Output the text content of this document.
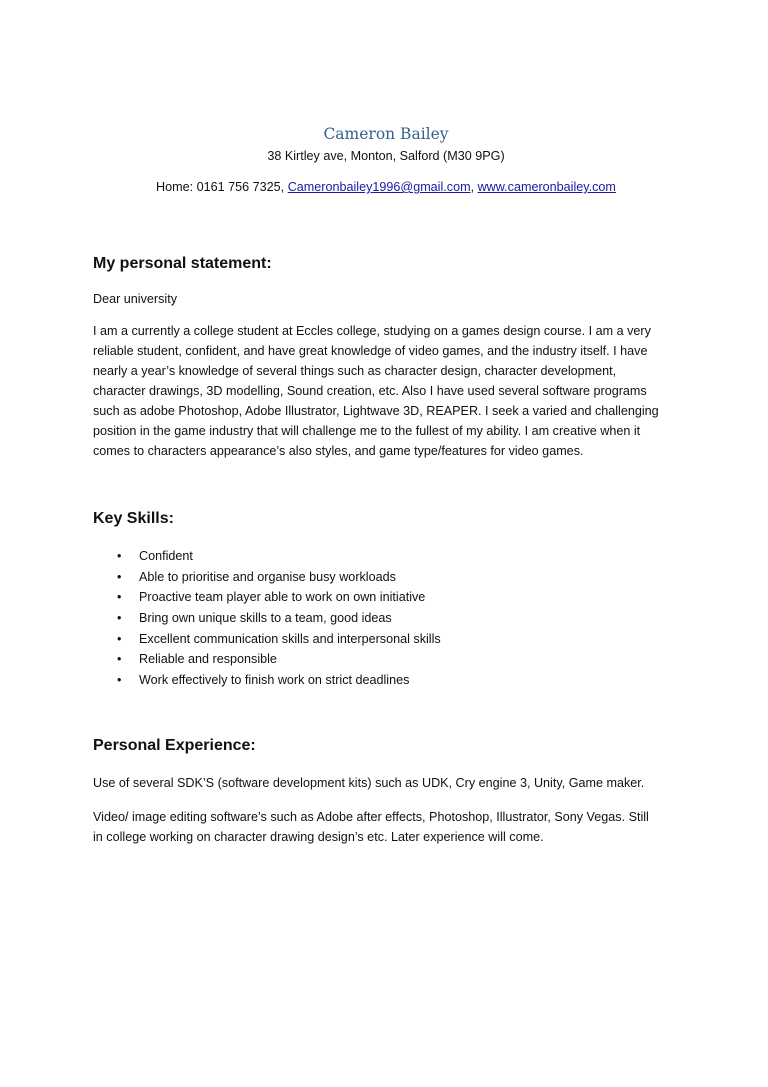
Cameron Bailey
38 Kirtley ave, Monton, Salford (M30 9PG)
Home: 0161 756 7325, Cameronbailey1996@gmail.com, www.cameronbailey.com
My personal statement:
Dear university
I am a currently a college student at Eccles college, studying on a games design course. I am a very
reliable student, confident, and have great knowledge of video games, and the industry itself. I have
nearly a year’s knowledge of several things such as character design, character development,
character drawings, 3D modelling, Sound creation, etc. Also I have used several software programs
such as adobe Photoshop, Adobe Illustrator, Lightwave 3D, REAPER. I seek a varied and challenging
position in the game industry that will challenge me to the fullest of my ability. I am creative when it
comes to characters appearance’s also styles, and game type/features for video games.
Key Skills:
• Confident
• Able to prioritise and organise busy workloads
• Proactive team player able to work on own initiative
• Bring own unique skills to a team, good ideas
• Excellent communication skills and interpersonal skills
• Reliable and responsible
• Work effectively to finish work on strict deadlines
Personal Experience:
Use of several SDK’S (software development kits) such as UDK, Cry engine 3, Unity, Game maker.
Video/ image editing software’s such as Adobe after effects, Photoshop, Illustrator, Sony Vegas. Still
in college working on character drawing design’s etc. Later experience will come.
